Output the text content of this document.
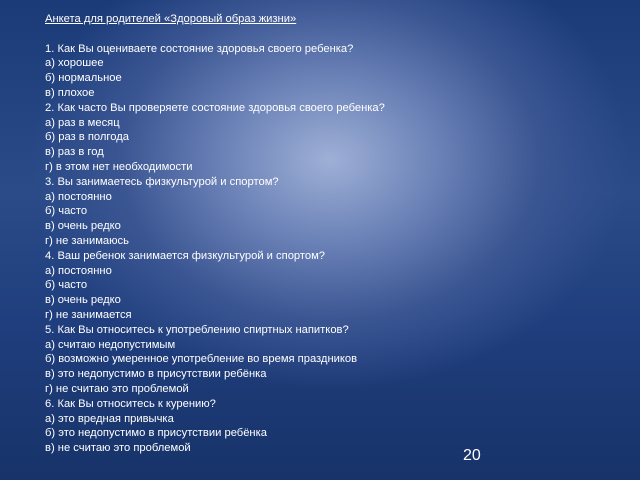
Анкета для родителей «Здоровый образ жизни»
1. Как Вы оцениваете состояние здоровья своего ребенка?
а) хорошее
б) нормальное
в) плохое
2. Как часто Вы проверяете состояние здоровья своего ребенка?
а) раз в месяц
б) раз в полгода
в) раз в год
г) в этом нет необходимости
3. Вы занимаетесь физкультурой и спортом?
а) постоянно
б) часто
в) очень редко
г) не занимаюсь
4. Ваш ребенок занимается физкультурой и спортом?
а) постоянно
б) часто
в) очень редко
г) не занимается
5. Как Вы относитесь к употреблению спиртных напитков?
а) считаю недопустимым
б) возможно умеренное употребление во время праздников
в) это недопустимо в присутствии ребёнка
г) не считаю это проблемой
6. Как Вы относитесь к курению?
а) это вредная привычка
б) это недопустимо в присутствии ребёнка
в) не считаю это проблемой	20
